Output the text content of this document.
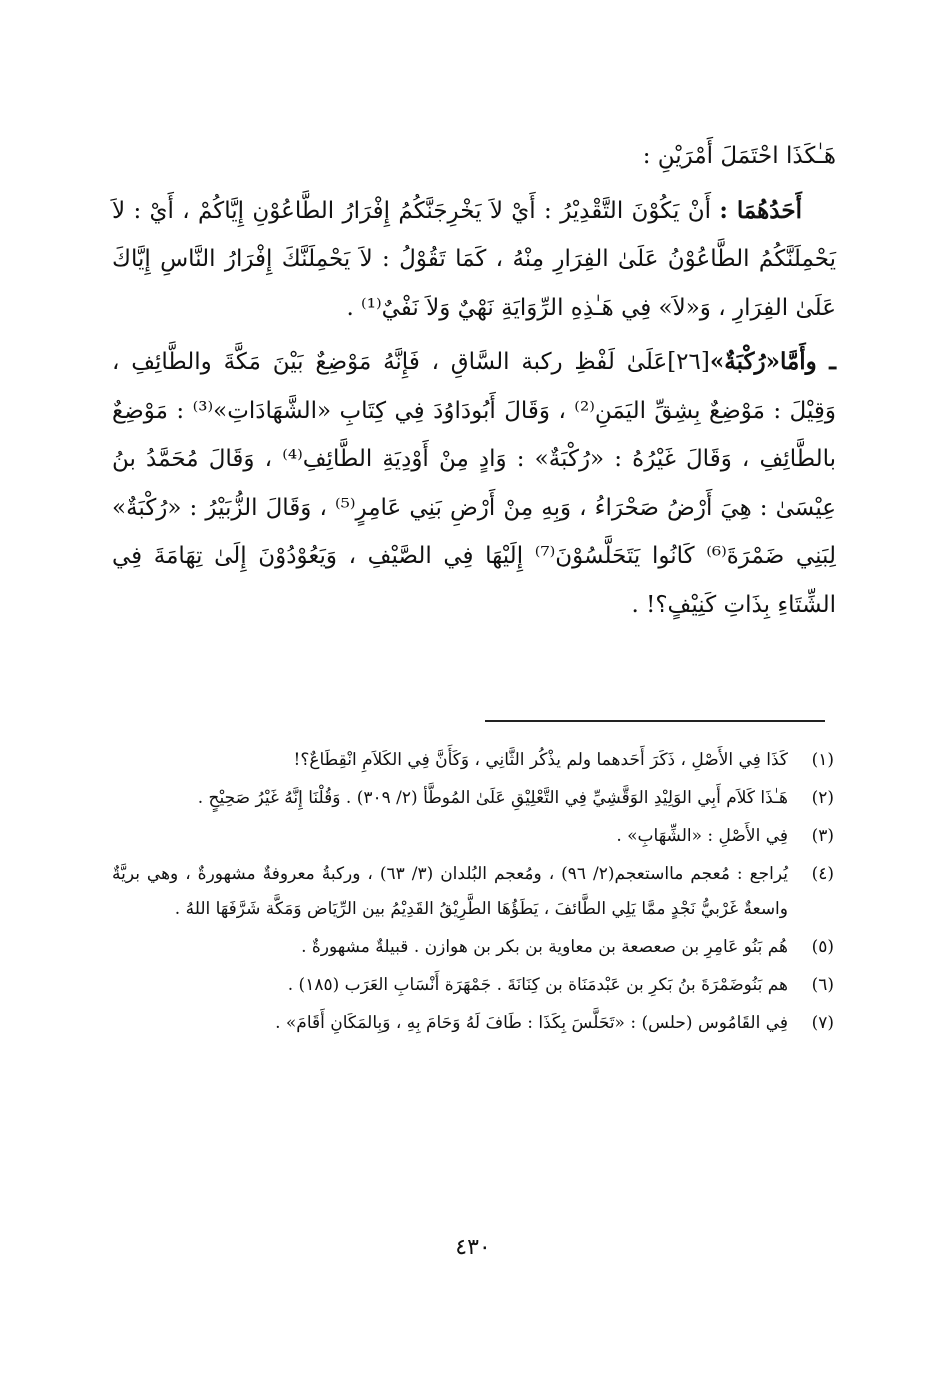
هَـٰكَذَا احْتَمَلَ أَمْرَيْنِ :

أَحَدُهُمَا : أَنْ يَكُوْنَ التَّقْدِيْرُ : أَيْ لاَ يَخْرِجَنَّكُمُ إِفْرَارُ الطَّاعُوْنِ إِيَّاكُمْ ، أَيْ : لاَ يَحْمِلَنَّكُمُ الطَّاعُوْنُ عَلَىٰ الفِرَارِ مِنْهُ ، كَمَا تَقُوْلُ : لاَ يَحْمِلَنَّكَ إِفْرَارُ النَّاسِ إِيَّاكَ عَلَىٰ الفِرَارِ ، وَ«لاَ» فِي هَـٰذِهِ الرِّوَايَةِ نَهْيٌ وَلاَ نَفْيٌ⁽¹⁾ .

ـ وأَمَّا«رُكْبَةٌ»[٢٦]عَلَىٰ لَفْظِ ركبة السَّاقِ ، فَإِنَّهُ مَوْضِعٌ بَيْنَ مَكَّةَ والطَّائِفِ ، وَقِيْلَ : مَوْضِعٌ بِشِقِّ اليَمَنِ⁽²⁾ ، وَقَالَ أَبُودَاوُدَ فِي كِتَابِ «الشَّهَادَاتِ»⁽³⁾ : مَوْضِعٌ بالطَّائِفِ ، وَقَالَ غَيْرُهُ : «رُكْبَةٌ» : وَادٍ مِنْ أَوْدِيَةِ الطَّائِفِ⁽⁴⁾ ، وَقَالَ مُحَمَّدُ بنُ عِيْسَىٰ : هِيَ أَرْضُ صَحْرَاءُ ، وَبِهِ مِنْ أَرْضِ بَنِي عَامِرٍ⁽⁵⁾ ، وَقَالَ الزُّبَيْرُ : «رُكْبَةٌ» لِبَنِي ضَمْرَةَ⁽⁶⁾ كَانُوا يَتَحَلَّسُوْنَ⁽⁷⁾ إِلَيْهَا فِي الصَّيْفِ ، وَيَعُوْدُوْنَ إِلَىٰ تِهَامَةَ فِي الشِّتَاءِ بِذَاتِ كَنِيْفٍ؟! .

(١)
كَذَا فِي الأَصْلِ ، ذَكَرَ أَحَدهما ولم يذْكُر الثَّانِي ، وَكَأَنَّ فِي الكَلاَمِ انْقِطَاعٌ؟!
(٢)
هَـٰذَا كَلاَم أَبِي الوَلِيْدِ الوَقَّشِيِّ فِي التَّعْلِيْقِ عَلَىٰ المُوطَّأ (٢/ ٣٠٩) . وَقُلْنَا إِنَّهُ غَيْرُ صَحِيْحٍ .
(٣)
فِي الأَصْلِ : «الشِّهَابِ» .
(٤)
يُراجع : مُعجم مااستعجم(٢/ ٩٦) ، ومُعجم البُلدان (٣/ ٦٣) ، وركبةُ معروفةٌ مشهورةٌ ، وهي بريَّةٌ واسعةٌ غَرْبيُّ نَجْدٍ ممَّا يَلِي الطَّائفَ ، يَطَؤُهَا الطَّرِيْقُ القَدِيْمُ بين الرِّيَاض وَمَكَّة شَرَّفَهَا اللهُ .
(٥)
هُم بَنُو عَامِرِ بن صعصعة بن معاوية بن بكر بن هوازن . قبيلةٌ مشهورةٌ .
(٦)
هم بَنُوضَمْرَةَ بنُ بَكرِ بن عَبْدمَنَاة بن كِنَانَةَ . جَمْهَرَة أَنْسَابِ العَرَب (١٨٥) .
(٧)
فِي القَامُوس (حلس) : «تَحَلَّسَ بِكَذَا : طَافَ لَهُ وَحَامَ بِهِ ، وَبِالمَكَانِ أَقَامَ» .
٤٣٠
